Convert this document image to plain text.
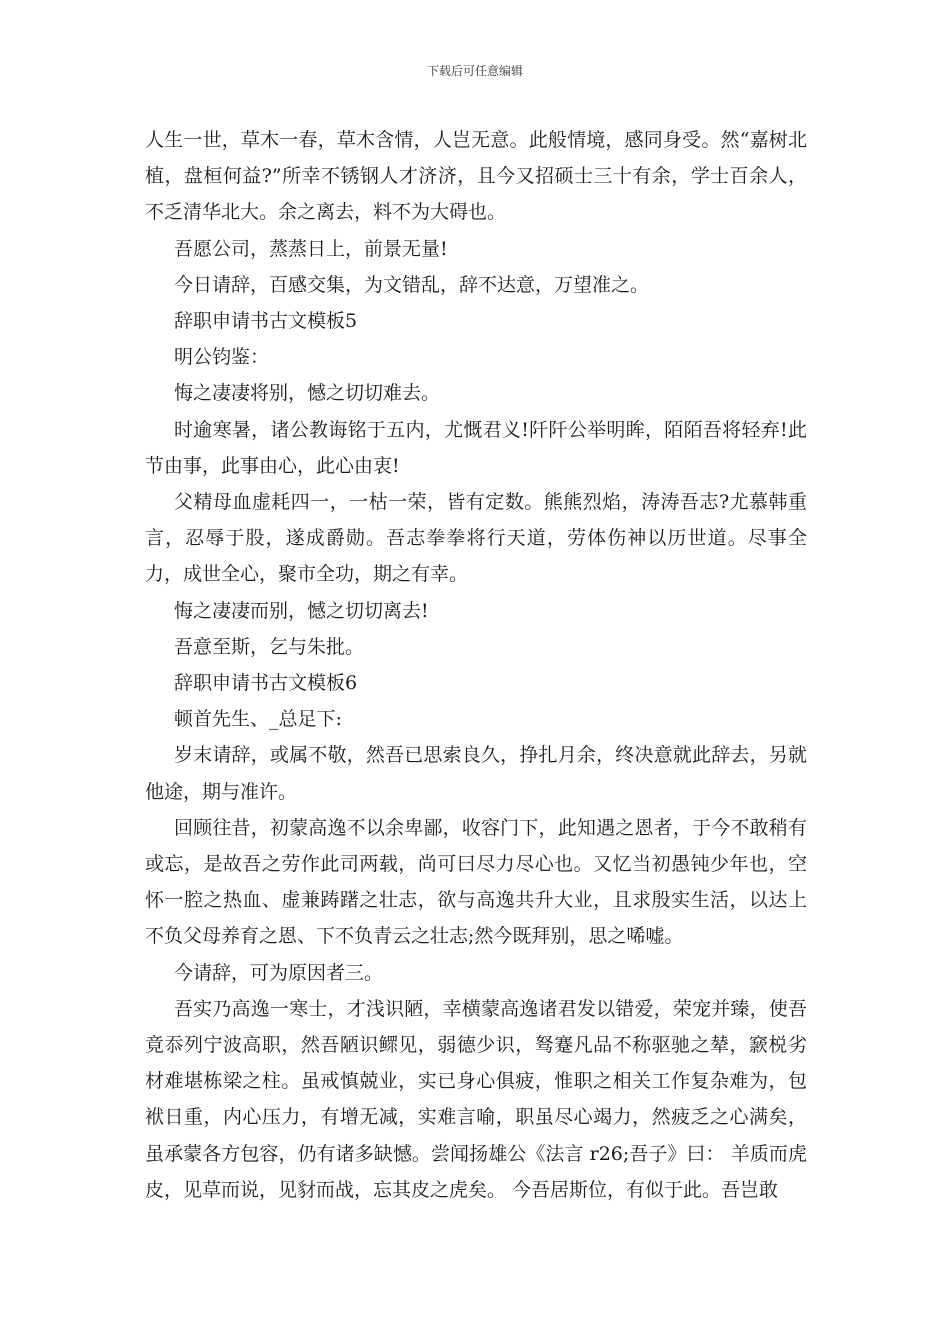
下载后可任意编辑

人生一世，草木一春，草木含情，人岂无意。此般情境，感同身受。然“嘉树北植，盘桓何益?”所幸不锈钢人才济济，且今又招硕士三十有余，学士百余人，不乏清华北大。余之离去，料不为大碍也。

吾愿公司，蒸蒸日上，前景无量!

今日请辞，百感交集，为文错乱，辞不达意，万望准之。

辞职申请书古文模板5

明公钧鉴：

悔之凄凄将别，憾之切切难去。

时逾寒暑，诸公教诲铭于五内，尤慨君义!阡阡公举明眸，陌陌吾将轻弃!此节由事，此事由心，此心由衷!

父精母血虚耗四一，一枯一荣，皆有定数。熊熊烈焰，涛涛吾志?尤慕韩重言，忍辱于股，遂成爵勋。吾志拳拳将行天道，劳体伤神以历世道。尽事全力，成世全心，聚市全功，期之有幸。

悔之凄凄而别，憾之切切离去!

吾意至斯，乞与朱批。

辞职申请书古文模板6

顿首先生、_总足下:

岁末请辞，或属不敬，然吾已思索良久，挣扎月余，终决意就此辞去，另就他途，期与准许。

回顾往昔，初蒙高逸不以余卑鄙，收容门下，此知遇之恩者，于今不敢稍有或忘，是故吾之劳作此司两载，尚可曰尽力尽心也。又忆当初愚钝少年也，空怀一腔之热血、虚兼踌躇之壮志，欲与高逸共升大业，且求殷实生活，以达上不负父母养育之恩、下不负青云之壮志;然今既拜别，思之唏嘘。

今请辞，可为原因者三。

吾实乃高逸一寒士，才浅识陋，幸横蒙高逸诸君发以错爱，荣宠并臻，使吾竟忝列宁波高职，然吾陋识鳏见，弱德少识，驽蹇凡品不称驱驰之辇，窾棁劣材难堪栋梁之柱。虽戒慎兢业，实已身心俱疲，惟职之相关工作复杂难为，包袱日重，内心压力，有增无减，实难言喻，职虽尽心竭力，然疲乏之心满矣，虽承蒙各方包容，仍有诸多缺憾。尝闻扬雄公《法言 r26;吾子》曰： 羊质而虎皮，见草而说，见豺而战，忘其皮之虎矣。 今吾居斯位，有似于此。吾岂敢
